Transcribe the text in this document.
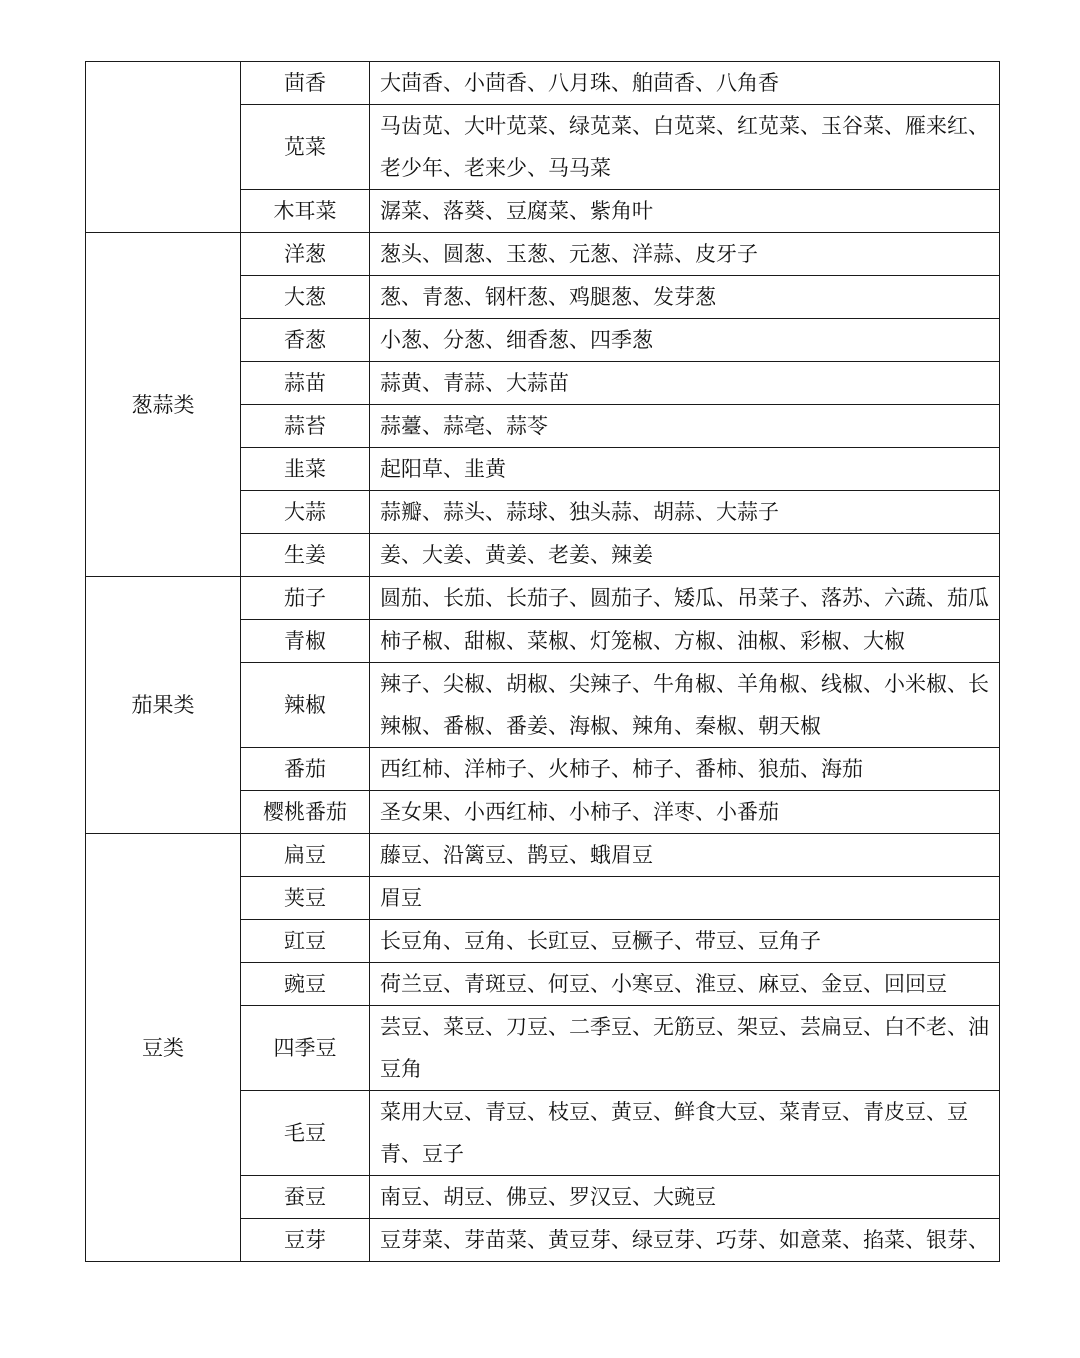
	茴香	大茴香、小茴香、八月珠、舶茴香、八角香
	苋菜	马齿苋、大叶苋菜、绿苋菜、白苋菜、红苋菜、玉谷菜、雁来红、老少年、老来少、马马菜
	木耳菜	潺菜、落葵、豆腐菜、紫角叶
葱蒜类	洋葱	葱头、圆葱、玉葱、元葱、洋蒜、皮牙子
	大葱	葱、青葱、钢杆葱、鸡腿葱、发芽葱
	香葱	小葱、分葱、细香葱、四季葱
	蒜苗	蒜黄、青蒜、大蒜苗
	蒜苔	蒜薹、蒜亳、蒜苓
	韭菜	起阳草、韭黄
	大蒜	蒜瓣、蒜头、蒜球、独头蒜、胡蒜、大蒜子
	生姜	姜、大姜、黄姜、老姜、辣姜
茄果类	茄子	圆茄、长茄、长茄子、圆茄子、矮瓜、吊菜子、落苏、六蔬、茄瓜
	青椒	柿子椒、甜椒、菜椒、灯笼椒、方椒、油椒、彩椒、大椒
	辣椒	辣子、尖椒、胡椒、尖辣子、牛角椒、羊角椒、线椒、小米椒、长辣椒、番椒、番姜、海椒、辣角、秦椒、朝天椒
	番茄	西红柿、洋柿子、火柿子、柿子、番柿、狼茄、海茄
	樱桃番茄	圣女果、小西红柿、小柿子、洋枣、小番茄
豆类	扁豆	藤豆、沿篱豆、鹊豆、蛾眉豆
	荚豆	眉豆
	豇豆	长豆角、豆角、长豇豆、豆橛子、带豆、豆角子
	豌豆	荷兰豆、青斑豆、何豆、小寒豆、淮豆、麻豆、金豆、回回豆
	四季豆	芸豆、菜豆、刀豆、二季豆、无筋豆、架豆、芸扁豆、白不老、油豆角
	毛豆	菜用大豆、青豆、枝豆、黄豆、鲜食大豆、菜青豆、青皮豆、豆青、豆子
	蚕豆	南豆、胡豆、佛豆、罗汉豆、大豌豆
	豆芽	豆芽菜、芽苗菜、黄豆芽、绿豆芽、巧芽、如意菜、掐菜、银芽、
